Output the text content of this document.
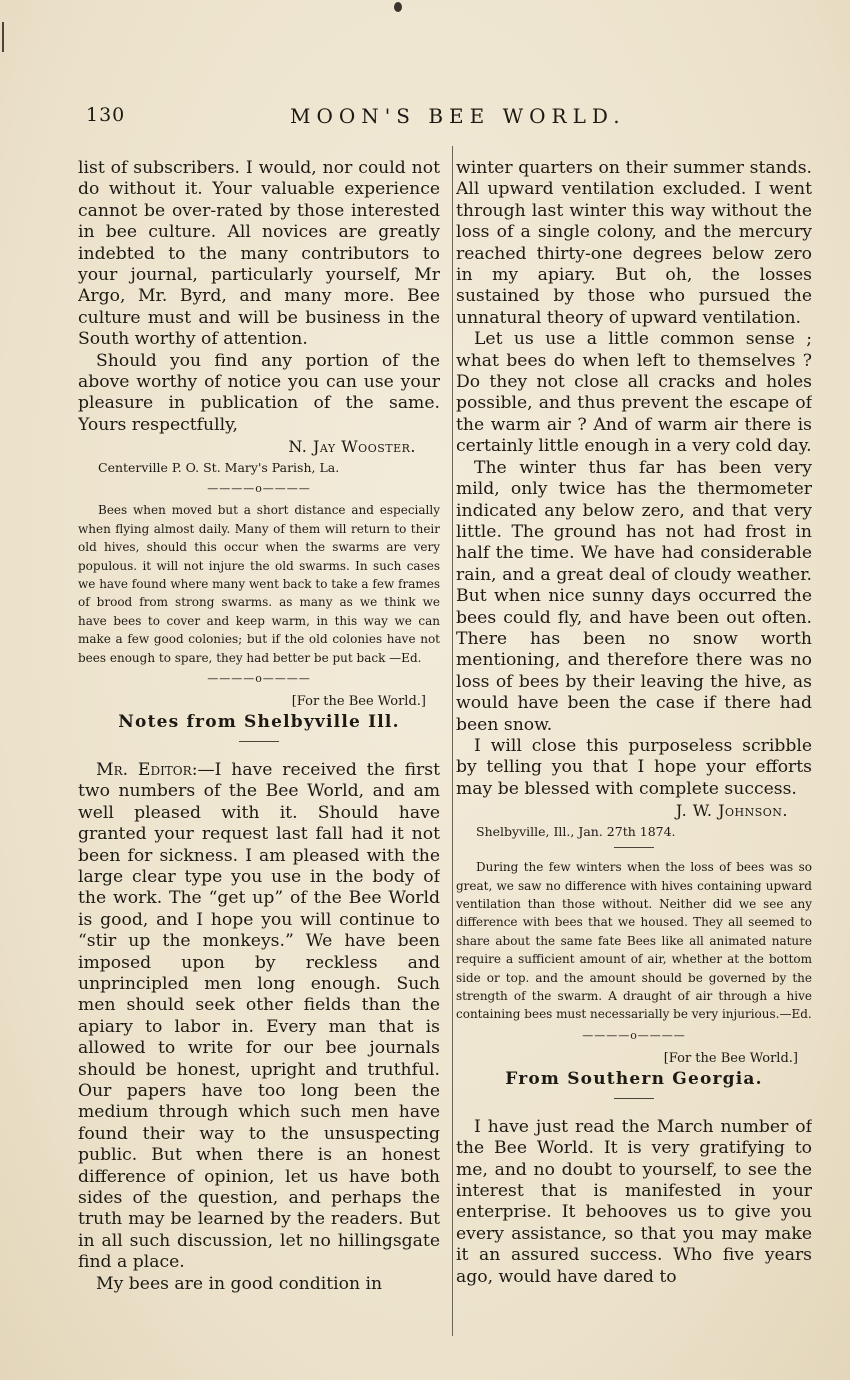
130	MOON'S BEE WORLD.

list of subscribers. I would, nor could not do without it. Your valuable experience cannot be over-rated by those interested in bee culture. All novices are greatly indebted to the many contributors to your journal, particularly yourself, Mr Argo, Mr. Byrd, and many more. Bee culture must and will be business in the South worthy of attention.

Should you find any portion of the above worthy of notice you can use your pleasure in publication of the same. Yours respectfully,

N. Jay Wooster.

Centerville P. O. St. Mary's Parish, La.

————o————

Bees when moved but a short distance and especially when flying almost daily. Many of them will return to their old hives, should this occur when the swarms are very populous. it will not injure the old swarms. In such cases we have found where many went back to take a few frames of brood from strong swarms. as many as we think we have bees to cover and keep warm, in this way we can make a few good colonies; but if the old colonies have not bees enough to spare, they had better be put back —Ed.

————o————

[For the Bee World.]

Notes from Shelbyville Ill.

Mr. Editor:—I have received the first two numbers of the Bee World, and am well pleased with it. Should have granted your request last fall had it not been for sickness. I am pleased with the large clear type you use in the body of the work. The “get up” of the Bee World is good, and I hope you will continue to “stir up the monkeys.” We have been imposed upon by reckless and unprincipled men long enough. Such men should seek other fields than the apiary to labor in. Every man that is allowed to write for our bee journals should be honest, upright and truthful. Our papers have too long been the medium through which such men have found their way to the unsuspecting public. But when there is an honest difference of opinion, let us have both sides of the question, and perhaps the truth may be learned by the readers. But in all such discussion, let no hillingsgate find a place.

My bees are in good condition in

winter quarters on their summer stands. All upward ventilation excluded. I went through last winter this way without the loss of a single colony, and the mercury reached thirty-one degrees below zero in my apiary. But oh, the losses sustained by those who pursued the unnatural theory of upward ventilation.

Let us use a little common sense ; what bees do when left to themselves ? Do they not close all cracks and holes possible, and thus prevent the escape of the warm air ? And of warm air there is certainly little enough in a very cold day.

The winter thus far has been very mild, only twice has the thermometer indicated any below zero, and that very little. The ground has not had frost in half the time. We have had considerable rain, and a great deal of cloudy weather. But when nice sunny days occurred the bees could fly, and have been out often. There has been no snow worth mentioning, and therefore there was no loss of bees by their leaving the hive, as would have been the case if there had been snow.

I will close this purposeless scribble by telling you that I hope your efforts may be blessed with complete success.

J. W. Johnson.

Shelbyville, Ill., Jan. 27th 1874.

During the few winters when the loss of bees was so great, we saw no difference with hives containing upward ventilation than those without. Neither did we see any difference with bees that we housed. They all seemed to share about the same fate Bees like all animated nature require a sufficient amount of air, whether at the bottom side or top. and the amount should be governed by the strength of the swarm. A draught of air through a hive containing bees must necessarially be very injurious.—Ed.

————o————

[For the Bee World.]

From Southern Georgia.

I have just read the March number of the Bee World. It is very gratifying to me, and no doubt to yourself, to see the interest that is manifested in your enterprise. It behooves us to give you every assistance, so that you may make it an assured success. Who five years ago, would have dared to
